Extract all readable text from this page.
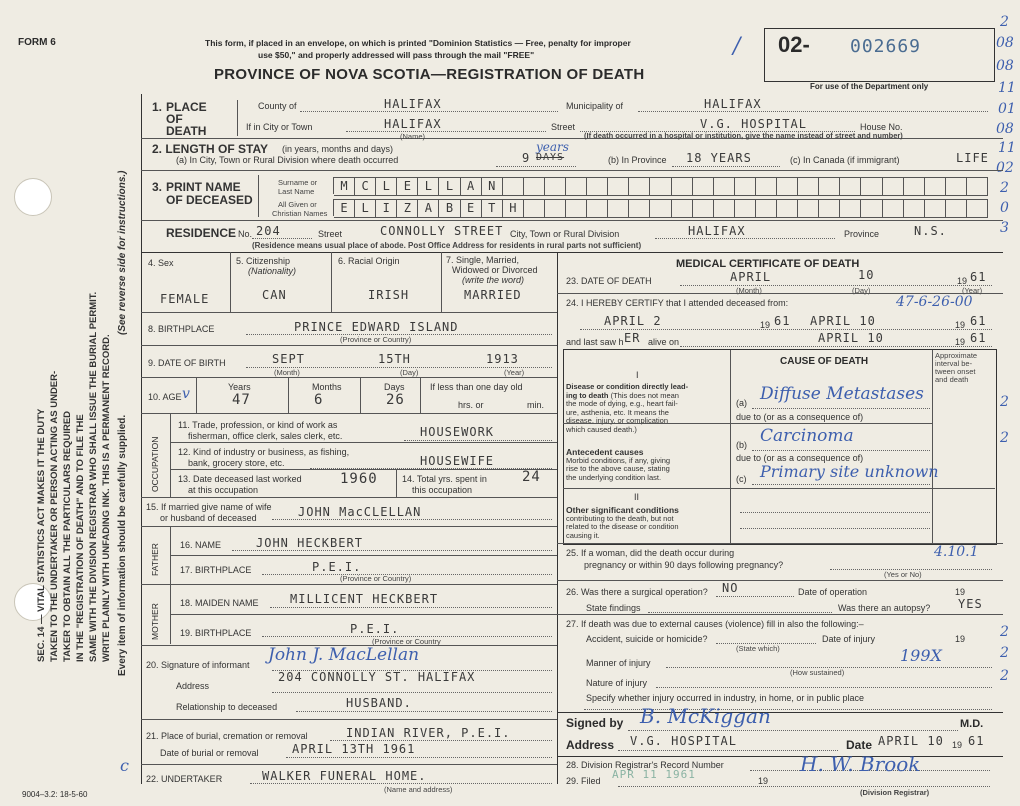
FORM 6	This form, if placed in an envelope, on which is printed "Dominion Statistics — Free, penalty for improper
use $50," and properly addressed will pass through the mail "FREE"
PROVINCE OF NOVA SCOTIA—REGISTRATION OF DEATH
02- 002669
/
For use of the Department only
2
08
08
11
01
08
11
02
2
0
3
2
2
2
2
2
SEC. 14 — VITAL STATISTICS ACT MAKES IT THE DUTY TAKEN TO THE UNDERTAKER OR PERSON ACTING AS UNDER- TAKER TO OBTAIN ALL THE PARTICULARS REQUIRED IN THE "REGISTRATION OF DEATH" AND TO FILE THE SAME WITH THE DIVISION REGISTRAR WHO SHALL ISSUE THE BURIAL PERMIT. WRITE PLAINLY WITH UNFADING INK. THIS IS A PERMANENT RECORD.
(See reverse side for instructions.)
Every item of information should be carefully supplied.
1. PLACE
OF
DEATH
County of	HALIFAX	Municipality of	HALIFAX
If in City or Town	HALIFAX
(Name)
Street	V.G. HOSPITAL	House No.
(If death occurred in a hospital or institution, give the name instead of street and number)
2. LENGTH OF STAY (in years, months and days)
(a) In City, Town or Rural Division where death occurred	9
years
DAYS	(b) In Province 18 YEARS	(c) In Canada (if immigrant)	LIFE
3. PRINT NAME
OF DECEASED
Surname or
Last Name
All Given or
Christian Names
M	C	L	E	L	L	A	N
E	L	I	Z	A	B	E	T	H
RESIDENCE No. 204	Street	CONNOLLY STREET City, Town or Rural Division	HALIFAX	Province	N.S.
(Residence means usual place of abode. Post Office Address for residents in rural parts not sufficient)
4. Sex
FEMALE
5. Citizenship
(Nationality)
CAN
6. Racial Origin
IRISH
7. Single, Married,
Widowed or Divorced
(write the word)
MARRIED
8. BIRTHPLACE	PRINCE EDWARD ISLAND
(Province or Country)
9. DATE OF BIRTH	SEPT	15TH	1913
(Month)	(Day)	(Year)
10. AGE v	Years
47
Months
6
Days
26
If less than one day old
hrs. or	min.
OCCUPATION
11. Trade, profession, or kind of work as
fisherman, office clerk, sales clerk, etc.	HOUSEWORK
12. Kind of industry or business, as fishing,
bank, grocery store, etc.	HOUSEWIFE
13. Date deceased last worked
at this occupation
1960	14. Total yrs. spent in
this occupation
24
15. If married give name of wife
or husband of deceased	JOHN MacCLELLAN
FATHER 16. NAME	JOHN HECKBERT
17. BIRTHPLACE	P.E.I.
(Province or Country)
MOTHER
18. MAIDEN NAME	MILLICENT HECKBERT
19. BIRTHPLACE	P.E.I.
(Province or Country
20. Signature of informant John J. MacLellan
Address
204 CONNOLLY ST. HALIFAX
Relationship to deceased	HUSBAND.
21. Place of burial, cremation or removal	INDIAN RIVER, P.E.I.
Date of burial or removal	APRIL 13TH 1961
c
22. UNDERTAKER	WALKER FUNERAL HOME.
(Name and address)
MEDICAL CERTIFICATE OF DEATH
23. DATE OF DEATH	APRIL	10	19 61
(Month)	(Day)	(Year)
24. I HEREBY CERTIFY that I attended deceased from:	47-6-26-00
APRIL 2	19 61 APRIL 10	19 61
and last saw h ER alive on	APRIL 10	19 61
CAUSE OF DEATH
Approximate
interval be-
tween onset
and death
I
Disease or condition directly lead-
ing to death (This does not mean
the mode of dying, e.g., heart fail-
ure, asthenia, etc. It means the
disease, injury, or complication
which caused death.)
(a) Diffuse Metastases
due to (or as a consequence of)
Antecedent causes
Morbid conditions, if any, giving
rise to the above cause, stating
the underlying condition last.
(b) Carcinoma
due to (or as a consequence of)
(c) Primary site unknown
II
Other significant conditions
contributing to the death, but not
related to the disease or condition
causing it.
25. If a woman, did the death occur during
pregnancy or within 90 days following pregnancy?
4.10.1
(Yes or No)
26. Was there a surgical operation? NO	Date of operation	19
State findings	Was there an autopsy? YES
27. If death was due to external causes (violence) fill in also the following:–
Accident, suicide or homicide?	Date of injury	19
(State which)
Manner of injury	199X
(How sustained)
Nature of injury
Specify whether injury occurred in industry, in home, or in public place
Signed by B. McKiggan	M.D.
Address V.G. HOSPITAL	Date APRIL 10 19 61
28. Division Registrar's Record Number
29. Filed APR 11 1961	19
H. W. Brook
(Division Registrar)
9004–3.2: 18-5-60
